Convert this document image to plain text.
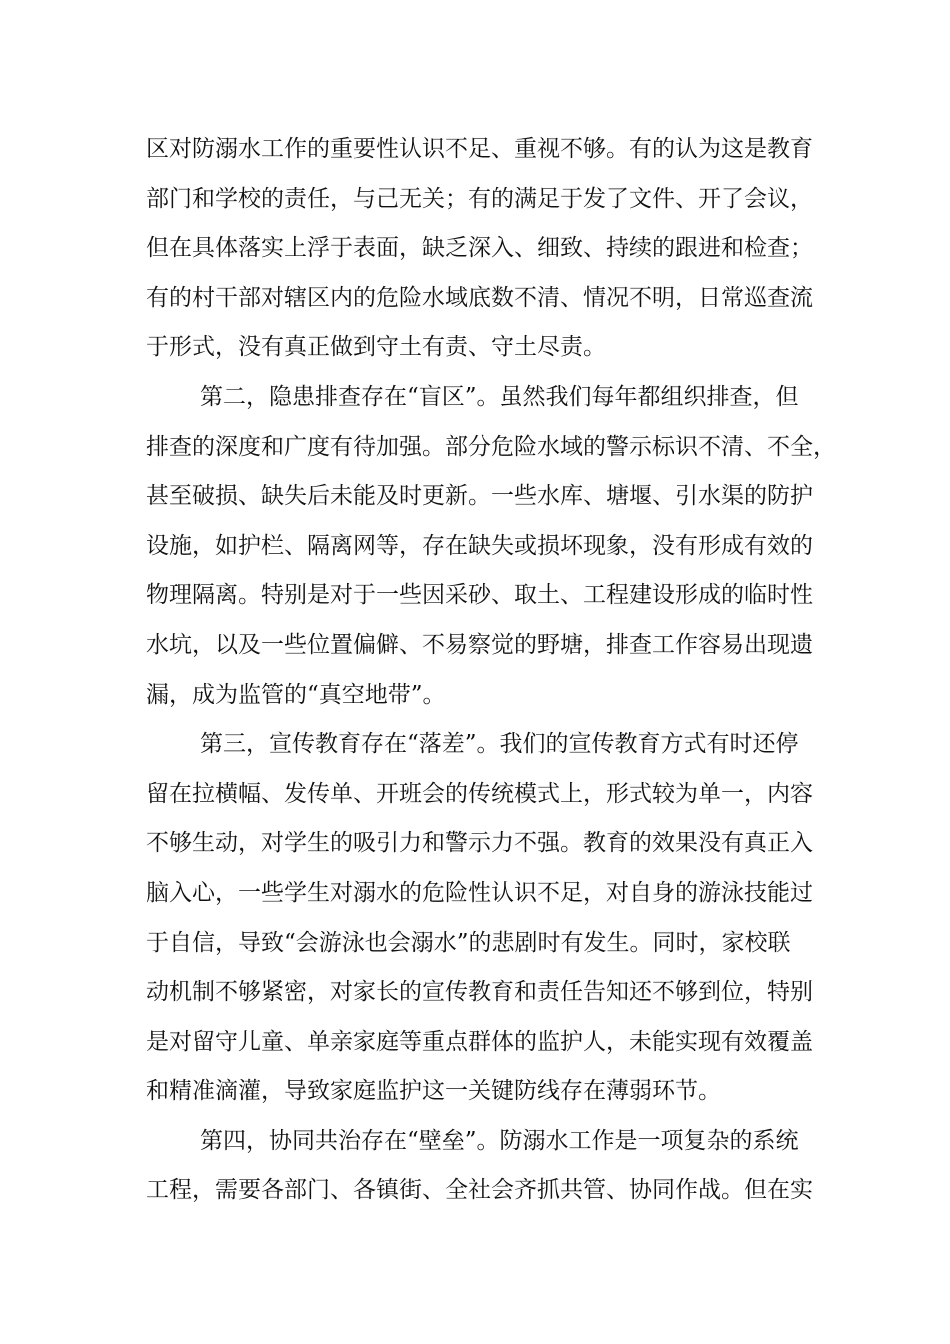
区对防溺水工作的重要性认识不足、重视不够。有的认为这是教育
部门和学校的责任，与己无关；有的满足于发了文件、开了会议，
但在具体落实上浮于表面，缺乏深入、细致、持续的跟进和检查；
有的村干部对辖区内的危险水域底数不清、情况不明，日常巡查流
于形式，没有真正做到守土有责、守土尽责。
第二，隐患排查存在“盲区”。虽然我们每年都组织排查，但
排查的深度和广度有待加强。部分危险水域的警示标识不清、不全，
甚至破损、缺失后未能及时更新。一些水库、塘堰、引水渠的防护
设施，如护栏、隔离网等，存在缺失或损坏现象，没有形成有效的
物理隔离。特别是对于一些因采砂、取土、工程建设形成的临时性
水坑，以及一些位置偏僻、不易察觉的野塘，排查工作容易出现遗
漏，成为监管的“真空地带”。
第三，宣传教育存在“落差”。我们的宣传教育方式有时还停
留在拉横幅、发传单、开班会的传统模式上，形式较为单一，内容
不够生动，对学生的吸引力和警示力不强。教育的效果没有真正入
脑入心，一些学生对溺水的危险性认识不足，对自身的游泳技能过
于自信，导致“会游泳也会溺水”的悲剧时有发生。同时，家校联
动机制不够紧密，对家长的宣传教育和责任告知还不够到位，特别
是对留守儿童、单亲家庭等重点群体的监护人，未能实现有效覆盖
和精准滴灌，导致家庭监护这一关键防线存在薄弱环节。
第四，协同共治存在“壁垒”。防溺水工作是一项复杂的系统
工程，需要各部门、各镇街、全社会齐抓共管、协同作战。但在实
